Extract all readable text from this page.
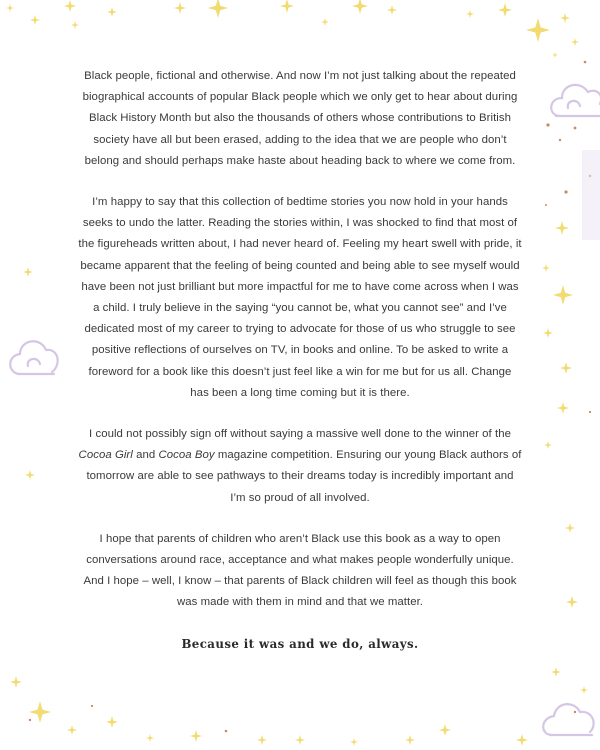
Black people, fictional and otherwise. And now I’m not just talking about the repeated biographical accounts of popular Black people which we only get to hear about during Black History Month but also the thousands of others whose contributions to British society have all but been erased, adding to the idea that we are people who don’t belong and should perhaps make haste about heading back to where we come from.

I’m happy to say that this collection of bedtime stories you now hold in your hands seeks to undo the latter. Reading the stories within, I was shocked to find that most of the figureheads written about, I had never heard of. Feeling my heart swell with pride, it became apparent that the feeling of being counted and being able to see myself would have been not just brilliant but more impactful for me to have come across when I was a child. I truly believe in the saying “you cannot be, what you cannot see” and I’ve dedicated most of my career to trying to advocate for those of us who struggle to see positive reflections of ourselves on TV, in books and online. To be asked to write a foreword for a book like this doesn’t just feel like a win for me but for us all. Change has been a long time coming but it is there.

I could not possibly sign off without saying a massive well done to the winner of the Cocoa Girl and Cocoa Boy magazine competition. Ensuring our young Black authors of tomorrow are able to see pathways to their dreams today is incredibly important and I’m so proud of all involved.

I hope that parents of children who aren’t Black use this book as a way to open conversations around race, acceptance and what makes people wonderfully unique. And I hope – well, I know – that parents of Black children will feel as though this book was made with them in mind and that we matter.

Because it was and we do, always.
